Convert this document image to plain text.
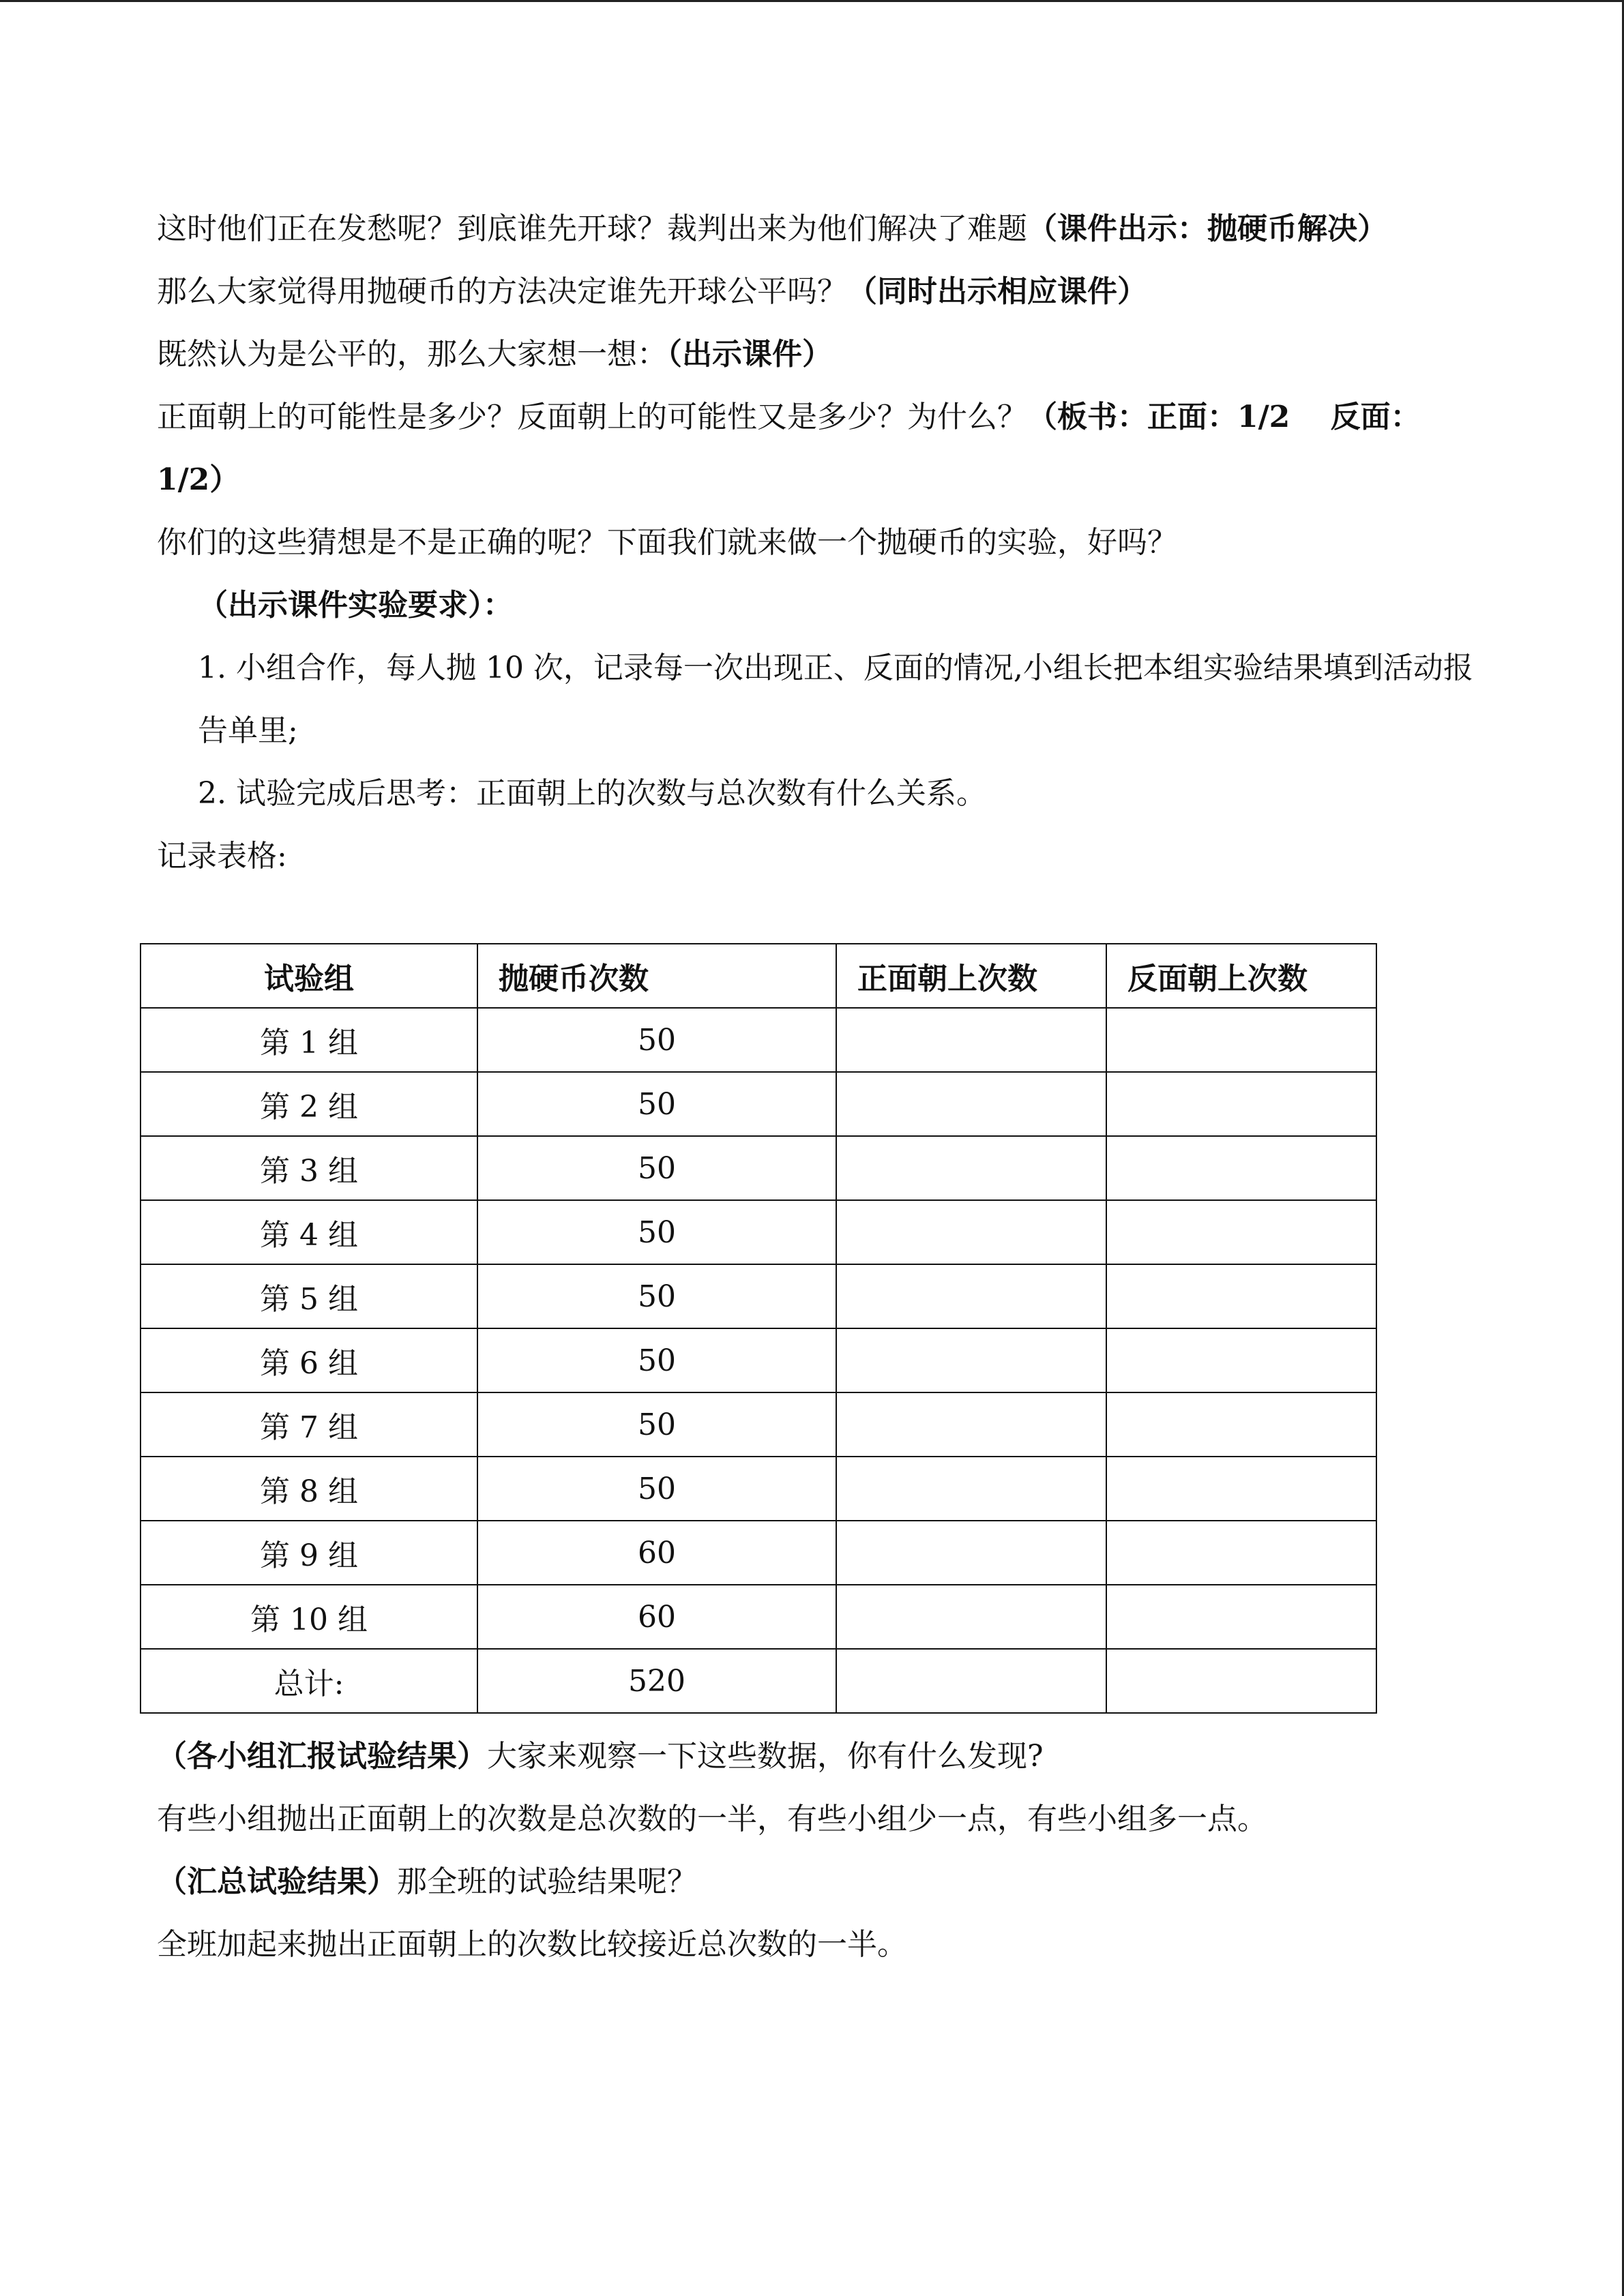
这时他们正在发愁呢？到底谁先开球？裁判出来为他们解决了难题（课件出示：抛硬币解决）

那么大家觉得用抛硬币的方法决定谁先开球公平吗？（同时出示相应课件）

既然认为是公平的，那么大家想一想：（出示课件）

正面朝上的可能性是多少？反面朝上的可能性又是多少？为什么？（板书：正面：1/2　 反面：1/2）

你们的这些猜想是不是正确的呢？下面我们就来做一个抛硬币的实验，好吗？

（出示课件实验要求）：

1. 小组合作，每人抛 10 次，记录每一次出现正、反面的情况,小组长把本组实验结果填到活动报告单里;

2. 试验完成后思考：正面朝上的次数与总次数有什么关系。

记录表格:

试验组	抛硬币次数	正面朝上次数	反面朝上次数
第 1 组	50		
第 2 组	50		
第 3 组	50		
第 4 组	50		
第 5 组	50		
第 6 组	50		
第 7 组	50		
第 8 组	50		
第 9 组	60		
第 10 组	60		
总计:	520		

（各小组汇报试验结果）大家来观察一下这些数据，你有什么发现?

有些小组抛出正面朝上的次数是总次数的一半，有些小组少一点，有些小组多一点。

（汇总试验结果）那全班的试验结果呢？

全班加起来抛出正面朝上的次数比较接近总次数的一半。
